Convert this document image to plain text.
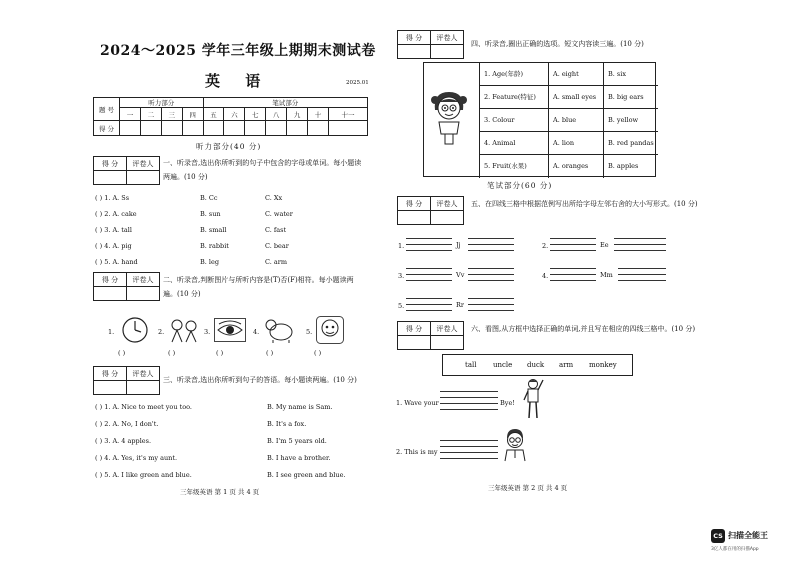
2024～2025 学年三年级上期期末测试卷
英 语	2025.01
题 号	听力部分				笔试部分						
	一	二	三	四	五	六	七	八	九	十	十一
得 分											
听力部分(40 分)
得 分	评卷人
	一、听录音,选出你所听到的句子中包含的字母或单词。每小题读两遍。(10 分)
( ) 1. A. Ss	B. Cc	C. Xx
( ) 2. A. cake	B. sun	C. water
( ) 3. A. tall	B. small	C. fast
( ) 4. A. pig	B. rabbit	C. bear
( ) 5. A. hand	B. leg	C. arm
得 分	评卷人
	二、听录音,判断图片与所听内容是(T)否(F)相符。每小题读两遍。(10 分)
1.	2.	3.	4.	5.
( )	( )	( )	( )	( )
得 分	评卷人

三、听录音,选出你所听到句子的答语。每小题读两遍。(10 分)
( ) 1. A. Nice to meet you too.	B. My name is Sam.
( ) 2. A. No, I don't.	B. It's a fox.
( ) 3. A. 4 apples.	B. I'm 5 years old.
( ) 4. A. Yes, it's my aunt.	B. I have a brother.
( ) 5. A. I like green and blue.	B. I see green and blue.
三年级英语 第 1 页 共 4 页
得 分	评卷人

四、听录音,圈出正确的选项。短文内容读三遍。(10 分)
1. Age(年龄)	A. eight	B. six
2. Feature(特征)	A. small eyes	B. big ears
3. Colour	A. blue	B. yellow
4. Animal	A. lion	B. red pandas
5. Fruit(水果)	A. oranges	B. apples
笔试部分(60 分)
得 分	评卷人
	五、在四线三格中根据范例写出所给字母左邻右舍的大小写形式。(10 分)
1.	Jj	2.	Ee
3.	Vv	4.	Mm
5.	Rr
得 分	评卷人
	六、看图,从方框中选择正确的单词,并且写在相应的四线三格中。(10 分)
tall uncle duck arm monkey
1. Wave your	Bye!
2. This is my
三年级英语 第 2 页 共 4 页
CS 扫描全能王
3亿人都在用的扫描App
